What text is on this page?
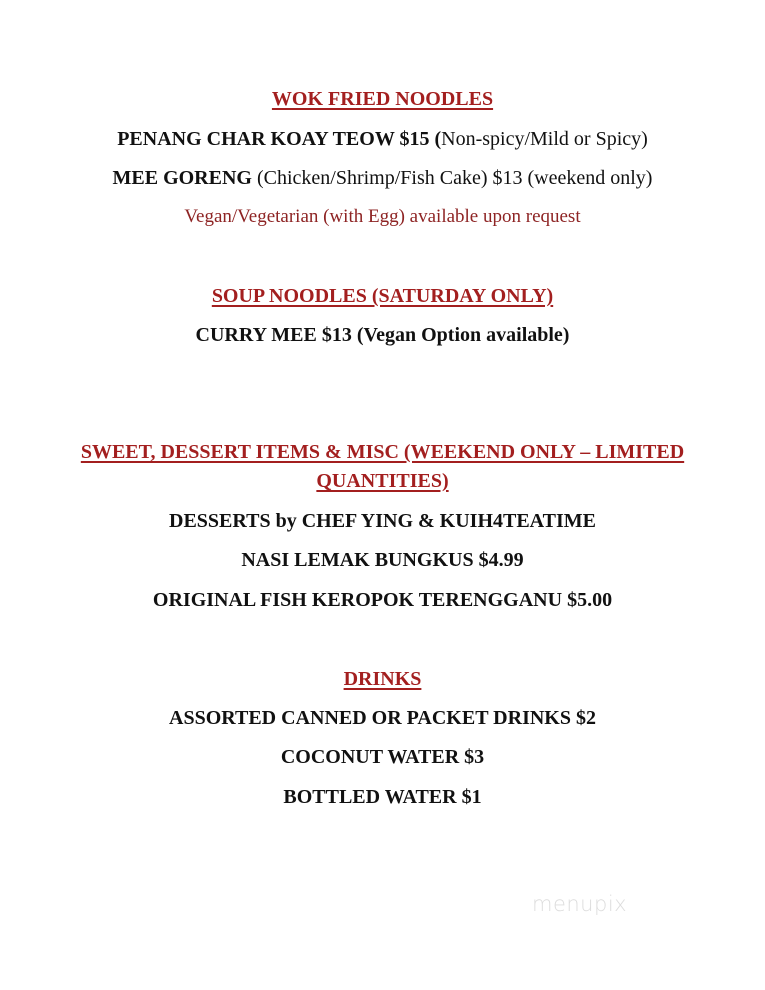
WOK FRIED NOODLES
PENANG CHAR KOAY TEOW $15 (Non-spicy/Mild or Spicy)
MEE GORENG (Chicken/Shrimp/Fish Cake) $13 (weekend only)
Vegan/Vegetarian (with Egg) available upon request
SOUP NOODLES (SATURDAY ONLY)
CURRY MEE $13 (Vegan Option available)
SWEET, DESSERT ITEMS & MISC (WEEKEND ONLY – LIMITED QUANTITIES)
DESSERTS by CHEF YING & KUIH4TEATIME
NASI LEMAK BUNGKUS $4.99
ORIGINAL FISH KEROPOK TERENGGANU $5.00
DRINKS
ASSORTED CANNED OR PACKET DRINKS $2
COCONUT WATER $3
BOTTLED WATER $1
menupix
